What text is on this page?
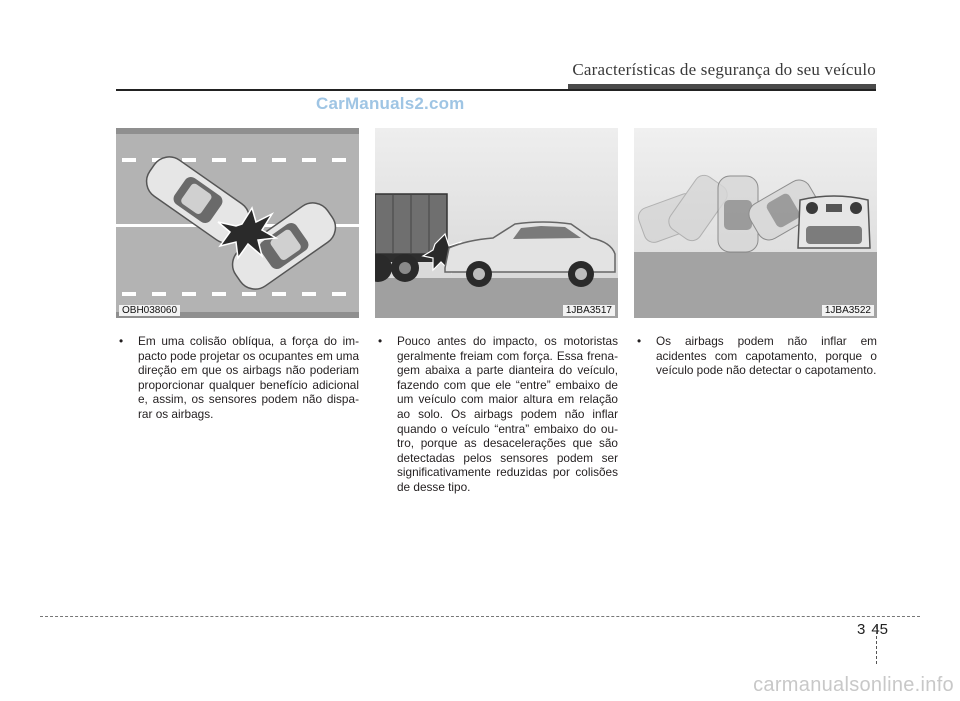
Características de segurança do seu veículo
CarManuals2.com
OBH038060	1JBA3517	1JBA3522
• Em uma colisão oblíqua, a força do impacto pode projetar os ocupantes em uma direção em que os airbags não poderiam proporcionar qualquer benefício adicional e, assim, os sensores podem não disparar os airbags.
• Pouco antes do impacto, os motoristas geralmente freiam com força. Essa frenagem abaixa a parte dianteira do veículo, fazendo com que ele “entre” embaixo de um veículo com maior altura em relação ao solo. Os airbags podem não inflar quando o veículo “entra” embaixo do outro, porque as desacelerações que são detectadas pelos sensores podem ser significativamente reduzidas por colisões de desse tipo.
• Os airbags podem não inflar em acidentes com capotamento, porque o veículo pode não detectar o capotamento.
3 45
carmanualsonline.info
